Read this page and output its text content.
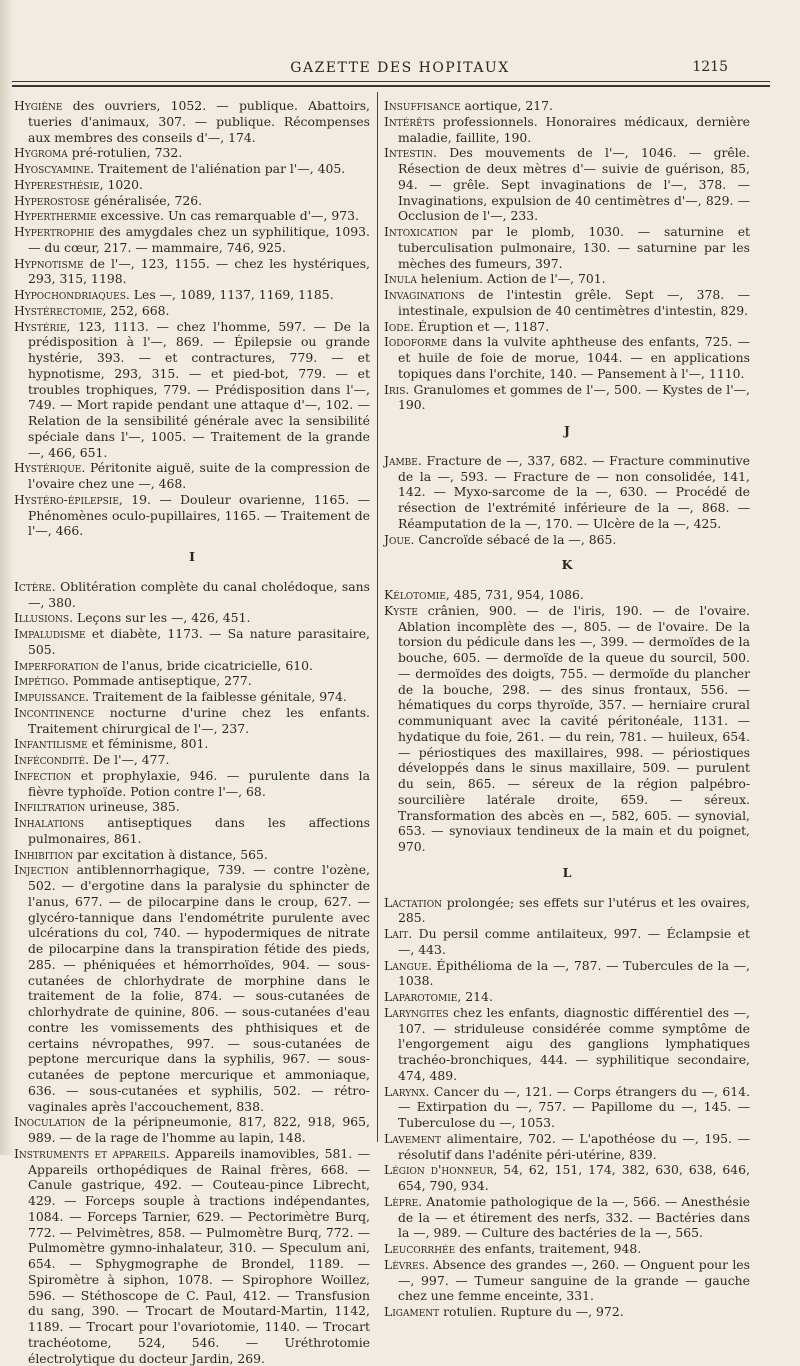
GAZETTE DES HOPITAUX	1215

Hygiène des ouvriers, 1052. — publique. Abattoirs, tueries d'animaux, 307. — publique. Récompenses aux membres des conseils d'—, 174.

Hygroma pré-rotulien, 732.

Hyoscyamine. Traitement de l'aliénation par l'—, 405.

Hyperesthésie, 1020.

Hyperostose généralisée, 726.

Hyperthermie excessive. Un cas remarquable d'—, 973.

Hypertrophie des amygdales chez un syphilitique, 1093. — du cœur, 217. — mammaire, 746, 925.

Hypnotisme de l'—, 123, 1155. — chez les hystériques, 293, 315, 1198.

Hypochondriaques. Les —, 1089, 1137, 1169, 1185.

Hystérectomie, 252, 668.

Hystérie, 123, 1113. — chez l'homme, 597. — De la prédisposition à l'—, 869. — Épilepsie ou grande hystérie, 393. — et contractures, 779. — et hypnotisme, 293, 315. — et pied-bot, 779. — et troubles trophiques, 779. — Prédisposition dans l'—, 749. — Mort rapide pendant une attaque d'—, 102. — Relation de la sensibilité générale avec la sensibilité spéciale dans l'—, 1005. — Traitement de la grande —, 466, 651.

Hystérique. Péritonite aiguë, suite de la compression de l'ovaire chez une —, 468.

Hystéro-épilepsie, 19. — Douleur ovarienne, 1165. — Phénomènes oculo-pupillaires, 1165. — Traitement de l'—, 466.

I

Ictère. Oblitération complète du canal cholédoque, sans —, 380.

Illusions. Leçons sur les —, 426, 451.

Impaludisme et diabète, 1173. — Sa nature parasitaire, 505.

Imperforation de l'anus, bride cicatricielle, 610.

Impétigo. Pommade antiseptique, 277.

Impuissance. Traitement de la faiblesse génitale, 974.

Incontinence nocturne d'urine chez les enfants. Traitement chirurgical de l'—, 237.

Infantilisme et féminisme, 801.

Infécondité. De l'—, 477.

Infection et prophylaxie, 946. — purulente dans la fièvre typhoïde. Potion contre l'—, 68.

Infiltration urineuse, 385.

Inhalations antiseptiques dans les affections pulmonaires, 861.

Inhibition par excitation à distance, 565.

Injection antiblennorrhagique, 739. — contre l'ozène, 502. — d'ergotine dans la paralysie du sphincter de l'anus, 677. — de pilocarpine dans le croup, 627. — glycéro-tannique dans l'endométrite purulente avec ulcérations du col, 740. — hypodermiques de nitrate de pilocarpine dans la transpiration fétide des pieds, 285. — phéniquées et hémorrhoïdes, 904. — sous-cutanées de chlorhydrate de morphine dans le traitement de la folie, 874. — sous-cutanées de chlorhydrate de quinine, 806. — sous-cutanées d'eau contre les vomissements des phthisiques et de certains névropathes, 997. — sous-cutanées de peptone mercurique dans la syphilis, 967. — sous-cutanées de peptone mercurique et ammoniaque, 636. — sous-cutanées et syphilis, 502. — rétro-vaginales après l'accouchement, 838.

Inoculation de la péripneumonie, 817, 822, 918, 965, 989. — de la rage de l'homme au lapin, 148.

Instruments et appareils. Appareils inamovibles, 581. — Appareils orthopédiques de Rainal frères, 668. — Canule gastrique, 492. — Couteau-pince Librecht, 429. — Forceps souple à tractions indépendantes, 1084. — Forceps Tarnier, 629. — Pectorimètre Burq, 772. — Pelvimètres, 858. — Pulmomètre Burq, 772. — Pulmomètre gymno-inhalateur, 310. — Speculum ani, 654. — Sphygmographe de Brondel, 1189. — Spiromètre à siphon, 1078. — Spirophore Woillez, 596. — Stéthoscope de C. Paul, 412. — Transfusion du sang, 390. — Trocart de Moutard-Martin, 1142, 1189. — Trocart pour l'ovariotomie, 1140. — Trocart trachéotome, 524, 546. — Uréthrotomie électrolytique du docteur Jardin, 269.

Insuffisance aortique, 217.

Intérêts professionnels. Honoraires médicaux, dernière maladie, faillite, 190.

Intestin. Des mouvements de l'—, 1046. — grêle. Résection de deux mètres d'— suivie de guérison, 85, 94. — grêle. Sept invaginations de l'—, 378. — Invaginations, expulsion de 40 centimètres d'—, 829. — Occlusion de l'—, 233.

Intoxication par le plomb, 1030. — saturnine et tuberculisation pulmonaire, 130. — saturnine par les mèches des fumeurs, 397.

Inula helenium. Action de l'—, 701.

Invaginations de l'intestin grêle. Sept —, 378. — intestinale, expulsion de 40 centimètres d'intestin, 829.

Iode. Éruption et —, 1187.

Iodoforme dans la vulvite aphtheuse des enfants, 725. — et huile de foie de morue, 1044. — en applications topiques dans l'orchite, 140. — Pansement à l'—, 1110.

Iris. Granulomes et gommes de l'—, 500. — Kystes de l'—, 190.

J

Jambe. Fracture de —, 337, 682. — Fracture comminutive de la —, 593. — Fracture de — non consolidée, 141, 142. — Myxo-sarcome de la —, 630. — Procédé de résection de l'extrémité inférieure de la —, 868. — Réamputation de la —, 170. — Ulcère de la —, 425.

Joue. Cancroïde sébacé de la —, 865.

K

Kélotomie, 485, 731, 954, 1086.

Kyste crânien, 900. — de l'iris, 190. — de l'ovaire. Ablation incomplète des —, 805. — de l'ovaire. De la torsion du pédicule dans les —, 399. — dermoïdes de la bouche, 605. — dermoïde de la queue du sourcil, 500. — dermoïdes des doigts, 755. — dermoïde du plancher de la bouche, 298. — des sinus frontaux, 556. — hématiques du corps thyroïde, 357. — herniaire crural communiquant avec la cavité péritonéale, 1131. — hydatique du foie, 261. — du rein, 781. — huileux, 654. — périostiques des maxillaires, 998. — périostiques développés dans le sinus maxillaire, 509. — purulent du sein, 865. — séreux de la région palpébro-sourcilière latérale droite, 659. — séreux. Transformation des abcès en —, 582, 605. — synovial, 653. — synoviaux tendineux de la main et du poignet, 970.

L

Lactation prolongée; ses effets sur l'utérus et les ovaires, 285.

Lait. Du persil comme antilaiteux, 997. — Éclampsie et —, 443.

Langue. Épithélioma de la —, 787. — Tubercules de la —, 1038.

Laparotomie, 214.

Laryngites chez les enfants, diagnostic différentiel des —, 107. — striduleuse considérée comme symptôme de l'engorgement aigu des ganglions lymphatiques trachéo-bronchiques, 444. — syphilitique secondaire, 474, 489.

Larynx. Cancer du —, 121. — Corps étrangers du —, 614. — Extirpation du —, 757. — Papillome du —, 145. — Tuberculose du —, 1053.

Lavement alimentaire, 702. — L'apothéose du —, 195. — résolutif dans l'adénite péri-utérine, 839.

Légion d'honneur, 54, 62, 151, 174, 382, 630, 638, 646, 654, 790, 934.

Lèpre. Anatomie pathologique de la —, 566. — Anesthésie de la — et étirement des nerfs, 332. — Bactéries dans la —, 989. — Culture des bactéries de la —, 565.

Leucorrhée des enfants, traitement, 948.

Lèvres. Absence des grandes —, 260. — Onguent pour les —, 997. — Tumeur sanguine de la grande — gauche chez une femme enceinte, 331.

Ligament rotulien. Rupture du —, 972.
